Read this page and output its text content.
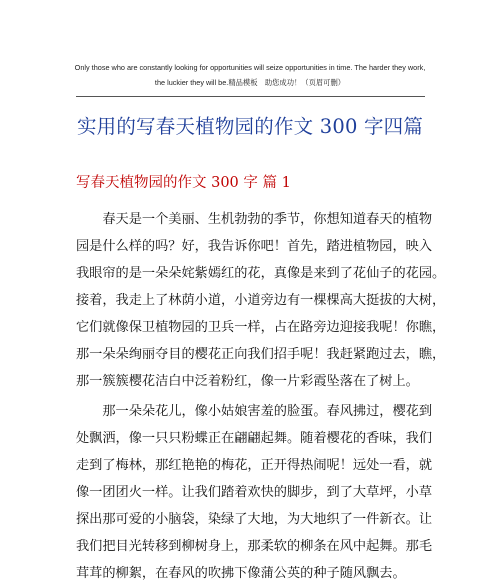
Only those who are constantly looking for opportunities will seize opportunities in time. The harder they work,
the luckier they will be.精品模板　助您成功！（页眉可删）
实用的写春天植物园的作文 300 字四篇
写春天植物园的作文 300 字 篇 1
　　春天是一个美丽、生机勃勃的季节，你想知道春天的植物
园是什么样的吗？好，我告诉你吧！首先，踏进植物园，映入
我眼帘的是一朵朵姹紫嫣红的花，真像是来到了花仙子的花园。
接着，我走上了林荫小道，小道旁边有一棵棵高大挺拔的大树，
它们就像保卫植物园的卫兵一样，占在路旁边迎接我呢！你瞧，
那一朵朵绚丽夺目的樱花正向我们招手呢！我赶紧跑过去，瞧，
那一簇簇樱花洁白中泛着粉红，像一片彩霞坠落在了树上。
　　那一朵朵花儿，像小姑娘害羞的脸蛋。春风拂过，樱花到
处飘洒，像一只只粉蝶正在翩翩起舞。随着樱花的香味，我们
走到了梅林，那红艳艳的梅花，正开得热闹呢！远处一看，就
像一团团火一样。让我们踏着欢快的脚步，到了大草坪，小草
探出那可爱的小脑袋，染绿了大地，为大地织了一件新衣。让
我们把目光转移到柳树身上，那柔软的柳条在风中起舞。那毛
茸茸的柳絮，在春风的吹拂下像蒲公英的种子随风飘去。
